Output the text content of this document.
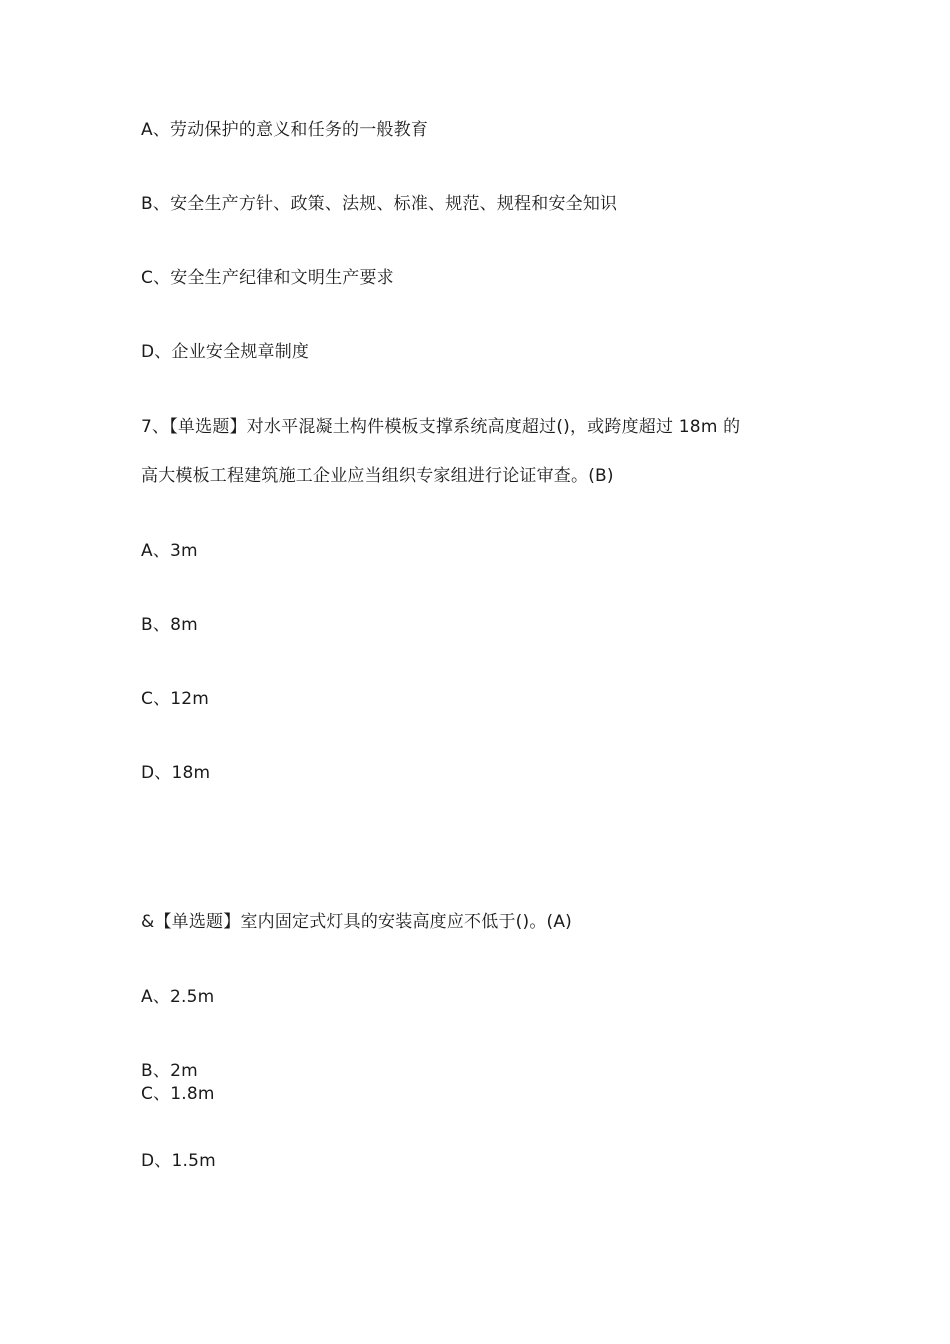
A、劳动保护的意义和任务的一般教育
B、安全生产方针、政策、法规、标准、规范、规程和安全知识
C、安全生产纪律和文明生产要求
D、企业安全规章制度
7、【单选题】对水平混凝土构件模板支撑系统高度超过()，或跨度超过 18m 的
高大模板工程建筑施工企业应当组织专家组进行论证审查。(B)
A、3m
B、8m
C、12m
D、18m
&【单选题】室内固定式灯具的安装高度应不低于()。(A)
A、2.5m
B、2m
C、1.8m
D、1.5m
